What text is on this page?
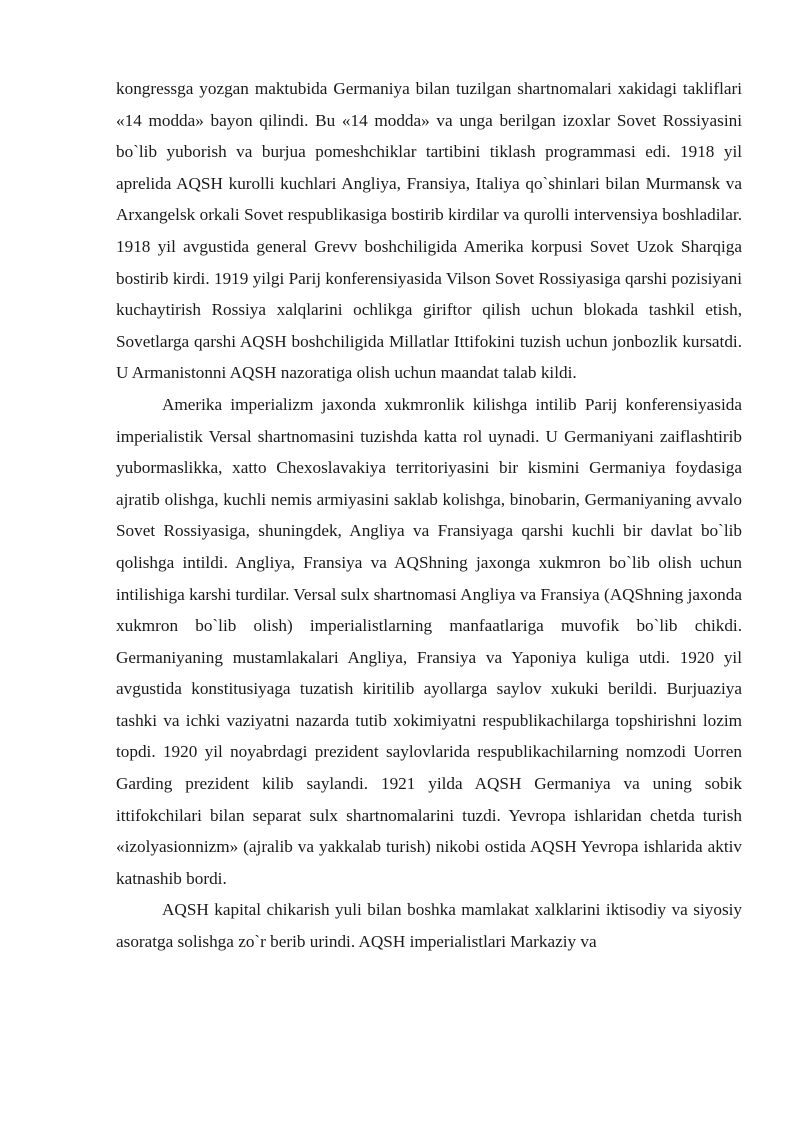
kongressga yozgan maktubida Germaniya bilan tuzilgan shartnomalari xakidagi takliflari «14 modda» bayon qilindi. Bu «14 modda» va unga berilgan izoxlar Sovet Rossiyasini bo`lib yuborish va burjua pomeshchiklar tartibini tiklash programmasi edi. 1918 yil aprelida AQSH kurolli kuchlari Angliya, Fransiya, Italiya qo`shinlari bilan Murmansk va Arxangelsk orkali Sovet respublikasiga bostirib kirdilar va qurolli intervensiya boshladilar. 1918 yil avgustida general Grevv boshchiligida Amerika korpusi Sovet Uzok Sharqiga bostirib kirdi. 1919 yilgi Parij konferensiyasida Vilson Sovet Rossiyasiga qarshi pozisiyani kuchaytirish Rossiya xalqlarini ochlikga giriftor qilish uchun blokada tashkil etish, Sovetlarga qarshi AQSH boshchiligida Millatlar Ittifokini tuzish uchun jonbozlik kursatdi. U Armanistonni AQSH nazoratiga olish uchun maandat talab kildi.

Amerika imperializm jaxonda xukmronlik kilishga intilib Parij konferensiyasida imperialistik Versal shartnomasini tuzishda katta rol uynadi. U Germaniyani zaiflashtirib yubormaslikka, xatto Chexoslavakiya territoriyasini bir kismini Germaniya foydasiga ajratib olishga, kuchli nemis armiyasini saklab kolishga, binobarin, Germaniyaning avvalo Sovet Rossiyasiga, shuningdek, Angliya va Fransiyaga qarshi kuchli bir davlat bo`lib qolishga intildi. Angliya, Fransiya va AQShning jaxonga xukmron bo`lib olish uchun intilishiga karshi turdilar. Versal sulx shartnomasi Angliya va Fransiya (AQShning jaxonda xukmron bo`lib olish) imperialistlarning manfaatlariga muvofik bo`lib chikdi. Germaniyaning mustamlakalari Angliya, Fransiya va Yaponiya kuliga utdi. 1920 yil avgustida konstitusiyaga tuzatish kiritilib ayollarga saylov xukuki berildi. Burjuaziya tashki va ichki vaziyatni nazarda tutib xokimiyatni respublikachilarga topshirishni lozim topdi. 1920 yil noyabrdagi prezident saylovlarida respublikachilarning nomzodi Uorren Garding prezident kilib saylandi. 1921 yilda AQSH Germaniya va uning sobik ittifokchilari bilan separat sulx shartnomalarini tuzdi. Yevropa ishlaridan chetda turish «izolyasionnizm» (ajralib va yakkalab turish) nikobi ostida AQSH Yevropa ishlarida aktiv katnashib bordi.

AQSH kapital chikarish yuli bilan boshka mamlakat xalklarini iktisodiy va siyosiy asoratga solishga zo`r berib urindi. AQSH imperialistlari Markaziy va
